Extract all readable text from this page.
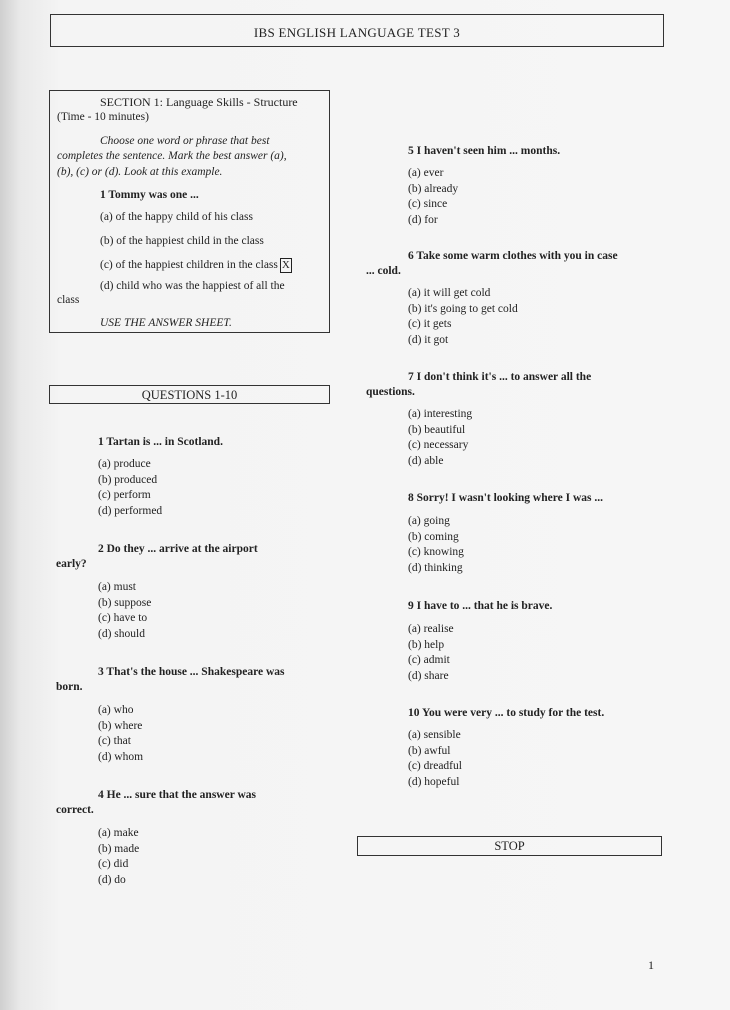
IBS ENGLISH LANGUAGE TEST 3
SECTION 1: Language Skills - Structure
(Time - 10 minutes)
Choose one word or phrase that best
completes the sentence. Mark the best answer (a),
(b), (c) or (d). Look at this example.
1 Tommy was one ...
(a) of the happy child of his class
(b) of the happiest child in the class
(c) of the happiest children in the class X
(d) child who was the happiest of all the
class
USE THE ANSWER SHEET.
QUESTIONS 1-10
1 Tartan is ... in Scotland.
(a) produce
(b) produced
(c) perform
(d) performed
2 Do they ... arrive at the airport
early?
(a) must
(b) suppose
(c) have to
(d) should
3 That's the house ... Shakespeare was
born.
(a) who
(b) where
(c) that
(d) whom
4 He ... sure that the answer was
correct.
(a) make
(b) made
(c) did
(d) do
5 I haven't seen him ... months.
(a) ever
(b) already
(c) since
(d) for
6 Take some warm clothes with you in case
... cold.
(a) it will get cold
(b) it's going to get cold
(c) it gets
(d) it got
7 I don't think it's ... to answer all the
questions.
(a) interesting
(b) beautiful
(c) necessary
(d) able
8 Sorry! I wasn't looking where I was ...
(a) going
(b) coming
(c) knowing
(d) thinking
9 I have to ... that he is brave.
(a) realise
(b) help
(c) admit
(d) share
10 You were very ... to study for the test.
(a) sensible
(b) awful
(c) dreadful
(d) hopeful
STOP
1
